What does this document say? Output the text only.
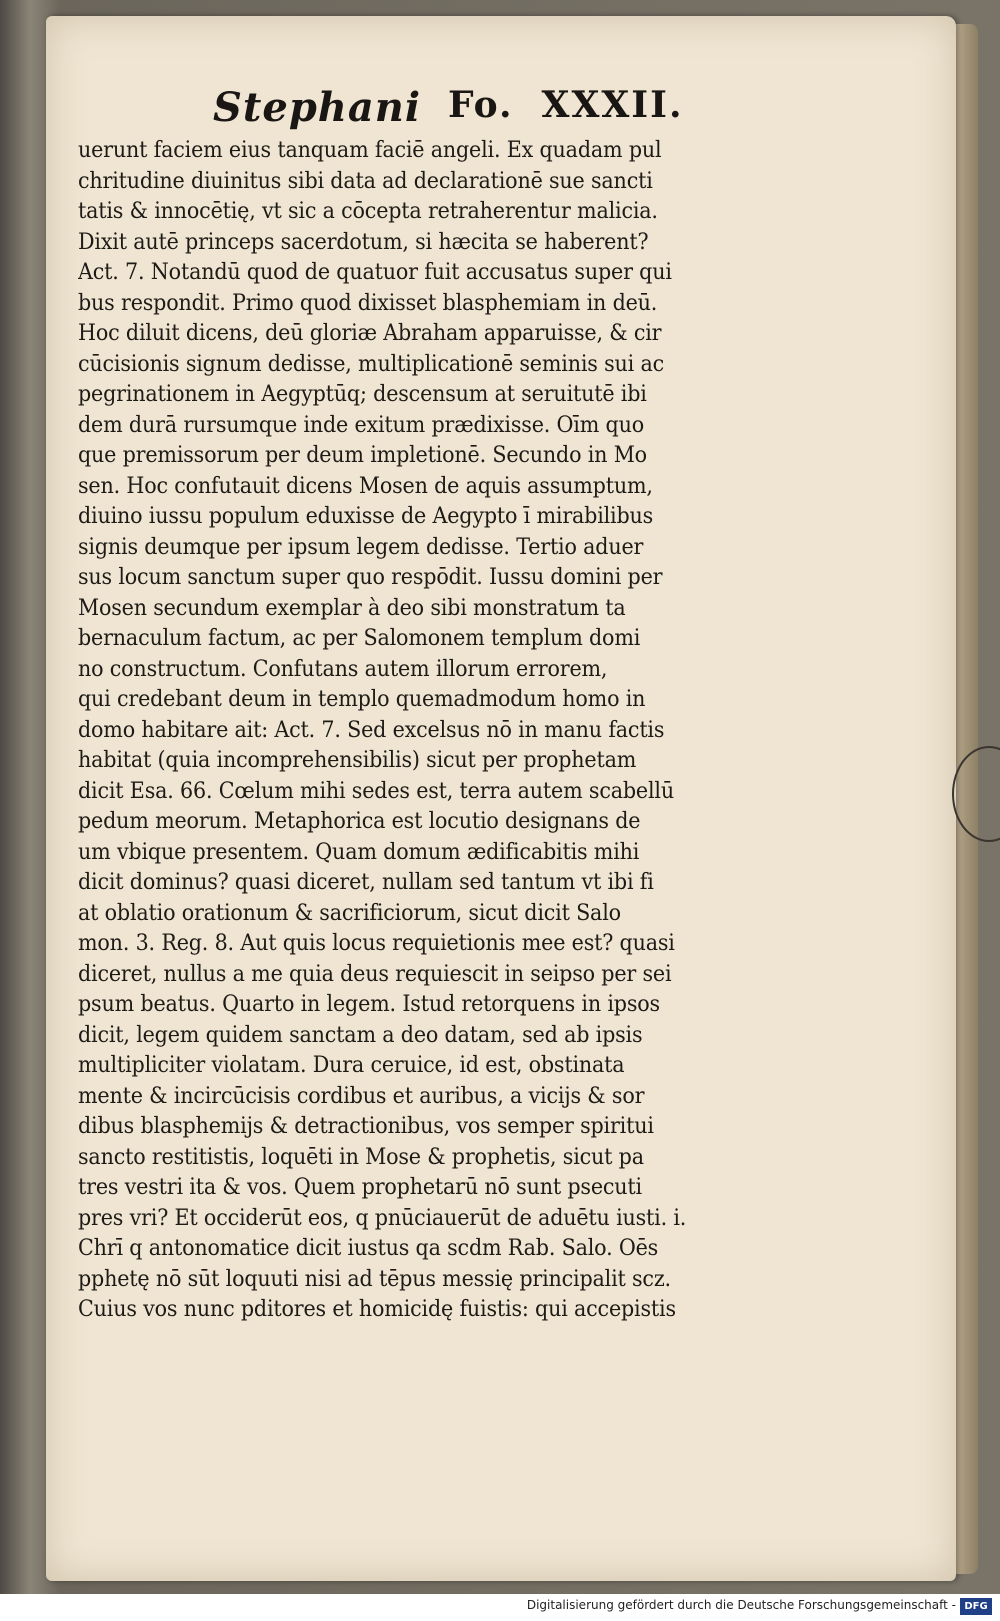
Stephani Fo. XXXII.
uerunt faciem eius tanquam faciē angeli. Ex quadam pul
chritudine diuinitus sibi data ad declarationē sue sancti
tatis & innocētię, vt sic a cōcepta retraherentur malicia.
Dixit autē princeps sacerdotum, si hæcita se haberent?
Act. 7. Notandū quod de quatuor fuit accusatus super qui
bus respondit. Primo quod dixisset blasphemiam in deū.
Hoc diluit dicens, deū gloriæ Abraham apparuisse, & cir
cūcisionis signum dedisse, multiplicationē seminis sui ac
pegrinationem in Aegyptūq; descensum at seruitutē ibi
dem durā rursumque inde exitum prædixisse. Oīm quo
que premissorum per deum impletionē. Secundo in Mo
sen. Hoc confutauit dicens Mosen de aquis assumptum,
diuino iussu populum eduxisse de Aegypto ī mirabilibus
signis deumque per ipsum legem dedisse. Tertio aduer
sus locum sanctum super quo respōdit. Iussu domini per
Mosen secundum exemplar à deo sibi monstratum ta
bernaculum factum, ac per Salomonem templum domi
no constructum. Confutans autem illorum errorem,
qui credebant deum in templo quemadmodum homo in
domo habitare ait: Act. 7. Sed excelsus nō in manu factis
habitat (quia incomprehensibilis) sicut per prophetam
dicit Esa. 66. Cœlum mihi sedes est, terra autem scabellū
pedum meorum. Metaphorica est locutio designans de
um vbique presentem. Quam domum ædificabitis mihi
dicit dominus? quasi diceret, nullam sed tantum vt ibi fi
at oblatio orationum & sacrificiorum, sicut dicit Salo
mon. 3. Reg. 8. Aut quis locus requietionis mee est? quasi
diceret, nullus a me quia deus requiescit in seipso per sei
psum beatus. Quarto in legem. Istud retorquens in ipsos
dicit, legem quidem sanctam a deo datam, sed ab ipsis
multipliciter violatam. Dura ceruice, id est, obstinata
mente & incircūcisis cordibus et auribus, a vicijs & sor
dibus blasphemijs & detractionibus, vos semper spiritui
sancto restitistis, loquēti in Mose & prophetis, sicut pa
tres vestri ita & vos. Quem prophetarū nō sunt psecuti
pres vri? Et occiderūt eos, q pnūciauerūt de aduētu iusti. i.
Chrī q antonomatice dicit iustus qa scdm Rab. Salo. Oēs
pphetę nō sūt loquuti nisi ad tēpus messię principalit scz.
Cuius vos nunc pditores et homicidę fuistis: qui accepistis
Digitalisierung gefördert durch die Deutsche Forschungsgemeinschaft - DFG
